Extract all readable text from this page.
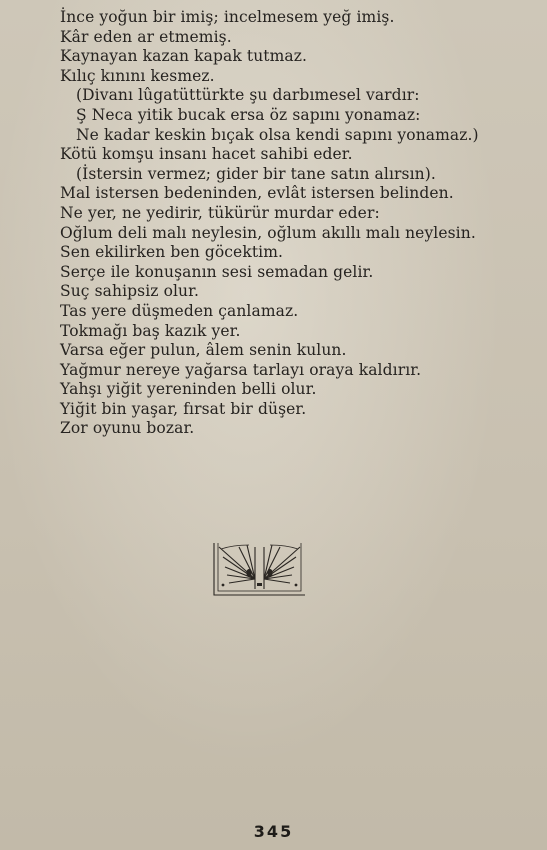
İnce yoğun bir imiş; incelmesem yeğ imiş.
Kâr eden ar etmemiş.
Kaynayan kazan kapak tutmaz.
Kılıç kınını kesmez.
(Divanı lûgatüttürkte şu darbımesel vardır:
Ş Neca yitik bucak ersa öz sapını yonamaz:
Ne kadar keskin bıçak olsa kendi sapını yonamaz.)
Kötü komşu insanı hacet sahibi eder.
(İstersin vermez; gider bir tane satın alırsın).
Mal istersen bedeninden, evlât istersen belinden.
Ne yer, ne yedirir, tükürür murdar eder:
Oğlum deli malı neylesin, oğlum akıllı malı neylesin.
Sen ekilirken ben göcektim.
Serçe ile konuşanın sesi semadan gelir.
Suç sahipsiz olur.
Tas yere düşmeden çanlamaz.
Tokmağı baş kazık yer.
Varsa eğer pulun, âlem senin kulun.
Yağmur nereye yağarsa tarlayı oraya kaldırır.
Yahşı yiğit yereninden belli olur.
Yiğit bin yaşar, fırsat bir düşer.
Zor oyunu bozar.
345
